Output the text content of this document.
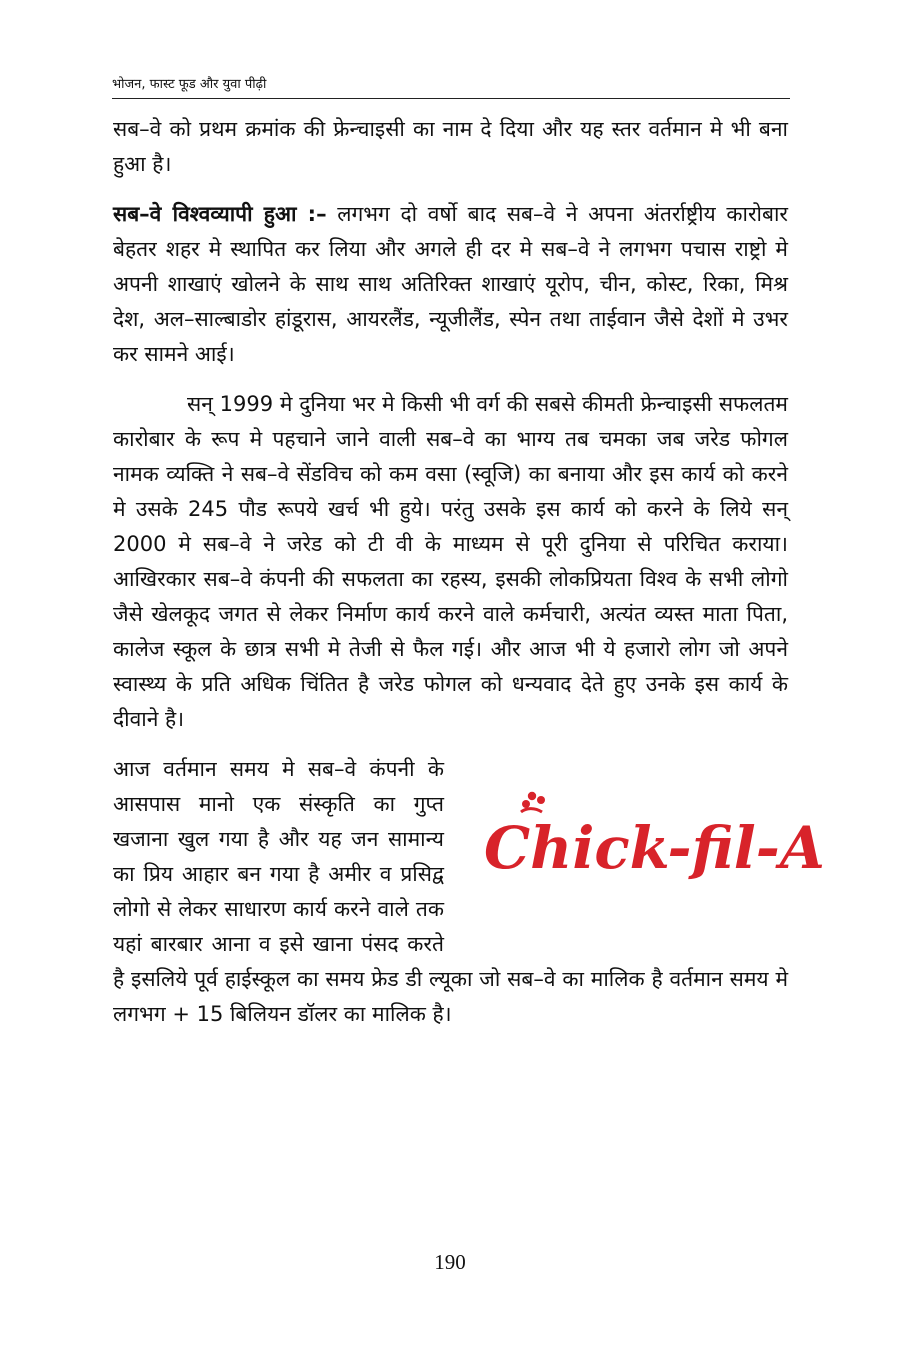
भोजन, फास्ट फूड और युवा पीढ़ी

सब–वे को प्रथम क्रमांक की फ्रेन्चाइसी का नाम दे दिया और यह स्तर वर्तमान मे भी बना हुआ है।

सब–वे विश्वव्यापी हुआ :– लगभग दो वर्षो बाद सब–वे ने अपना अंतर्राष्ट्रीय कारोबार बेहतर शहर मे स्थापित कर लिया और अगले ही दर मे सब–वे ने लगभग पचास राष्ट्रो मे अपनी शाखाएं खोलने के साथ साथ अतिरिक्त शाखाएं यूरोप, चीन, कोस्ट, रिका, मिश्र देश, अल–साल्बाडोर हांडूरास, आयरलैंड, न्यूजीलैंड, स्पेन तथा ताईवान जैसे देशों मे उभर कर सामने आई।

सन् 1999 मे दुनिया भर मे किसी भी वर्ग की सबसे कीमती फ्रेन्चाइसी सफलतम कारोबार के रूप मे पहचाने जाने वाली सब–वे का भाग्य तब चमका जब जरेड फोगल नामक व्यक्ति ने सब–वे सेंडविच को कम वसा (स्वूजि) का बनाया और इस कार्य को करने मे उसके 245 पौड रूपये खर्च भी हुये। परंतु उसके इस कार्य को करने के लिये सन् 2000 मे सब–वे ने जरेड को टी वी के माध्यम से पूरी दुनिया से परिचित कराया। आखिरकार सब–वे कंपनी की सफलता का रहस्य, इसकी लोकप्रियता विश्व के सभी लोगो जैसे खेलकूद जगत से लेकर निर्माण कार्य करने वाले कर्मचारी, अत्यंत व्यस्त माता पिता, कालेज स्कूल के छात्र सभी मे तेजी से फैल गई। और आज भी ये हजारो लोग जो अपने स्वास्थ्य के प्रति अधिक चिंतित है जरेड फोगल को धन्यवाद देते हुए उनके इस कार्य के दीवाने है।

Chick-fil-A

आज वर्तमान समय मे सब–वे कंपनी के आसपास मानो एक संस्कृति का गुप्त खजाना खुल गया है और यह जन सामान्य का प्रिय आहार बन गया है अमीर व प्रसिद्व लोगो से लेकर साधारण कार्य करने वाले तक यहां बारबार आना व इसे खाना पंसद करते है इसलिये पूर्व हाईस्कूल का समय फ्रेड डी ल्यूका जो सब–वे का मालिक है वर्तमान समय मे लगभग + 15 बिलियन डॉलर का मालिक है।

190
